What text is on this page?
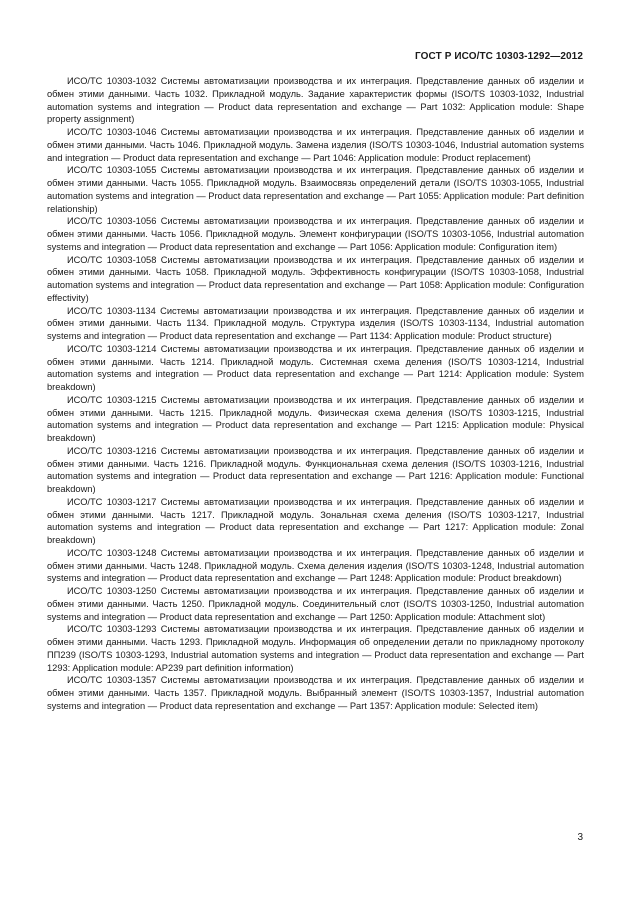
ГОСТ Р ИСО/ТС 10303-1292—2012

ИСО/ТС 10303-1032 Системы автоматизации производства и их интеграция. Представление данных об изделии и обмен этими данными. Часть 1032. Прикладной модуль. Задание характеристик формы (ISO/TS 10303-1032, Industrial automation systems and integration — Product data representation and exchange — Part 1032: Application module: Shape property assignment)

ИСО/ТС 10303-1046 Системы автоматизации производства и их интеграция. Представление данных об изделии и обмен этими данными. Часть 1046. Прикладной модуль. Замена изделия (ISO/TS 10303-1046, Industrial automation systems and integration — Product data representation and exchange — Part 1046: Application module: Product replacement)

ИСО/ТС 10303-1055 Системы автоматизации производства и их интеграция. Представление данных об изделии и обмен этими данными. Часть 1055. Прикладной модуль. Взаимосвязь определений детали (ISO/TS 10303-1055, Industrial automation systems and integration — Product data representation and exchange — Part 1055: Application module: Part definition relationship)

ИСО/ТС 10303-1056 Системы автоматизации производства и их интеграция. Представление данных об изделии и обмен этими данными. Часть 1056. Прикладной модуль. Элемент конфигурации (ISO/TS 10303-1056, Industrial automation systems and integration — Product data representation and exchange — Part 1056: Application module: Configuration item)

ИСО/ТС 10303-1058 Системы автоматизации производства и их интеграция. Представление данных об изделии и обмен этими данными. Часть 1058. Прикладной модуль. Эффективность конфигурации (ISO/TS 10303-1058, Industrial automation systems and integration — Product data representation and exchange — Part 1058: Application module: Configuration effectivity)

ИСО/ТС 10303-1134 Системы автоматизации производства и их интеграция. Представление данных об изделии и обмен этими данными. Часть 1134. Прикладной модуль. Структура изделия (ISO/TS 10303-1134, Industrial automation systems and integration — Product data representation and exchange — Part 1134: Application module: Product structure)

ИСО/ТС 10303-1214 Системы автоматизации производства и их интеграция. Представление данных об изделии и обмен этими данными. Часть 1214. Прикладной модуль. Системная схема деления (ISO/TS 10303-1214, Industrial automation systems and integration — Product data representation and exchange — Part 1214: Application module: System breakdown)

ИСО/ТС 10303-1215 Системы автоматизации производства и их интеграция. Представление данных об изделии и обмен этими данными. Часть 1215. Прикладной модуль. Физическая схема деления (ISO/TS 10303-1215, Industrial automation systems and integration — Product data representation and exchange — Part 1215: Application module: Physical breakdown)

ИСО/ТС 10303-1216 Системы автоматизации производства и их интеграция. Представление данных об изделии и обмен этими данными. Часть 1216. Прикладной модуль. Функциональная схема деления (ISO/TS 10303-1216, Industrial automation systems and integration — Product data representation and exchange — Part 1216: Application module: Functional breakdown)

ИСО/ТС 10303-1217 Системы автоматизации производства и их интеграция. Представление данных об изделии и обмен этими данными. Часть 1217. Прикладной модуль. Зональная схема деления (ISO/TS 10303-1217, Industrial automation systems and integration — Product data representation and exchange — Part 1217: Application module: Zonal breakdown)

ИСО/ТС 10303-1248 Системы автоматизации производства и их интеграция. Представление данных об изделии и обмен этими данными. Часть 1248. Прикладной модуль. Схема деления изделия (ISO/TS 10303-1248, Industrial automation systems and integration — Product data representation and exchange — Part 1248: Application module: Product breakdown)

ИСО/ТС 10303-1250 Системы автоматизации производства и их интеграция. Представление данных об изделии и обмен этими данными. Часть 1250. Прикладной модуль. Соединительный слот (ISO/TS 10303-1250, Industrial automation systems and integration — Product data representation and exchange — Part 1250: Application module: Attachment slot)

ИСО/ТС 10303-1293 Системы автоматизации производства и их интеграция. Представление данных об изделии и обмен этими данными. Часть 1293. Прикладной модуль. Информация об определении детали по прикладному протоколу ПП239 (ISO/TS 10303-1293, Industrial automation systems and integration — Product data representation and exchange — Part 1293: Application module: AP239 part definition information)

ИСО/ТС 10303-1357 Системы автоматизации производства и их интеграция. Представление данных об изделии и обмен этими данными. Часть 1357. Прикладной модуль. Выбранный элемент (ISO/TS 10303-1357, Industrial automation systems and integration — Product data representation and exchange — Part 1357: Application module: Selected item)

3
